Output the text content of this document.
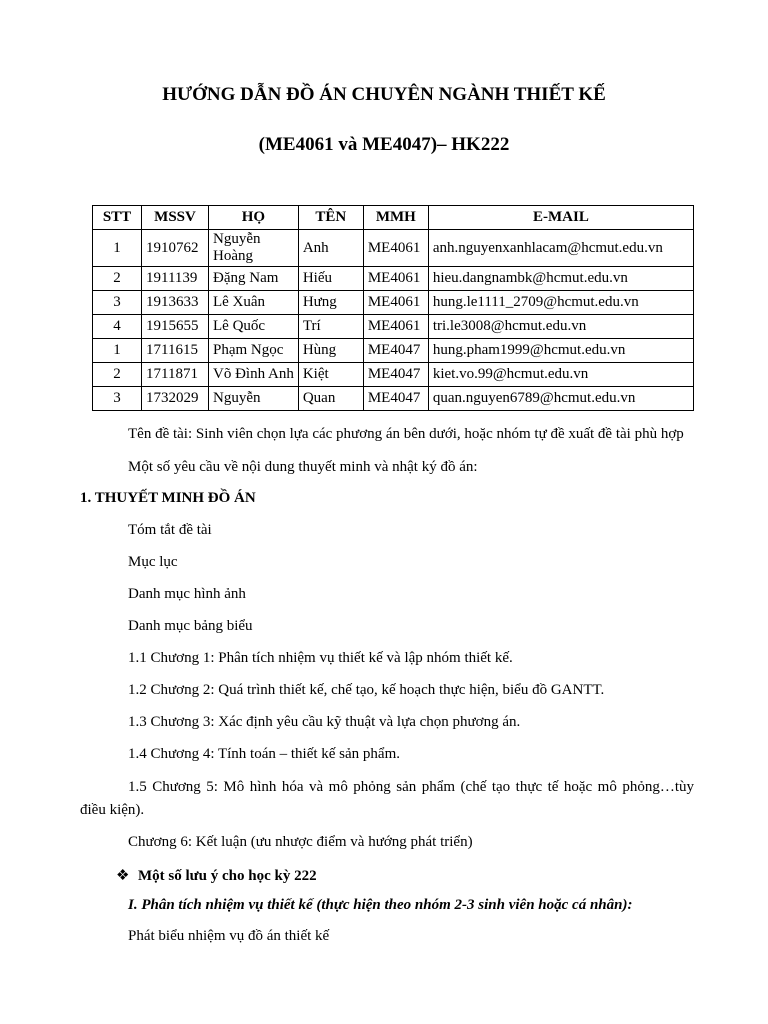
HƯỚNG DẪN ĐỒ ÁN CHUYÊN NGÀNH THIẾT KẾ
(ME4061 và ME4047)– HK222
STT	MSSV	HỌ	TÊN	MMH	E-MAIL
1	1910762	Nguyễn Hoàng	Anh	ME4061	anh.nguyenxanhlacam@hcmut.edu.vn
2	1911139	Đặng Nam	Hiếu	ME4061	hieu.dangnambk@hcmut.edu.vn
3	1913633	Lê Xuân	Hưng	ME4061	hung.le1111_2709@hcmut.edu.vn
4	1915655	Lê Quốc	Trí	ME4061	tri.le3008@hcmut.edu.vn
1	1711615	Phạm Ngọc	Hùng	ME4047	hung.pham1999@hcmut.edu.vn
2	1711871	Võ Đình Anh	Kiệt	ME4047	kiet.vo.99@hcmut.edu.vn
3	1732029	Nguyễn	Quan	ME4047	quan.nguyen6789@hcmut.edu.vn
Tên đề tài: Sinh viên chọn lựa các phương án bên dưới, hoặc nhóm tự đề xuất đề tài phù hợp
Một số yêu cầu về nội dung thuyết minh và nhật ký đồ án:
1. THUYẾT MINH ĐỒ ÁN
Tóm tắt đề tài
Mục lục
Danh mục hình ảnh
Danh mục bảng biểu
1.1 Chương 1: Phân tích nhiệm vụ thiết kế và lập nhóm thiết kế.
1.2 Chương 2: Quá trình thiết kế, chế tạo, kế hoạch thực hiện, biểu đồ GANTT.
1.3 Chương 3: Xác định yêu cầu kỹ thuật và lựa chọn phương án.
1.4 Chương 4: Tính toán – thiết kế sản phẩm.
1.5 Chương 5: Mô hình hóa và mô phỏng sản phẩm (chế tạo thực tế hoặc mô phỏng…tùy
điều kiện).
Chương 6: Kết luận (ưu nhược điểm và hướng phát triển)
❖ Một số lưu ý cho học kỳ 222
I. Phân tích nhiệm vụ thiết kế (thực hiện theo nhóm 2-3 sinh viên hoặc cá nhân):
Phát biểu nhiệm vụ đồ án thiết kế
